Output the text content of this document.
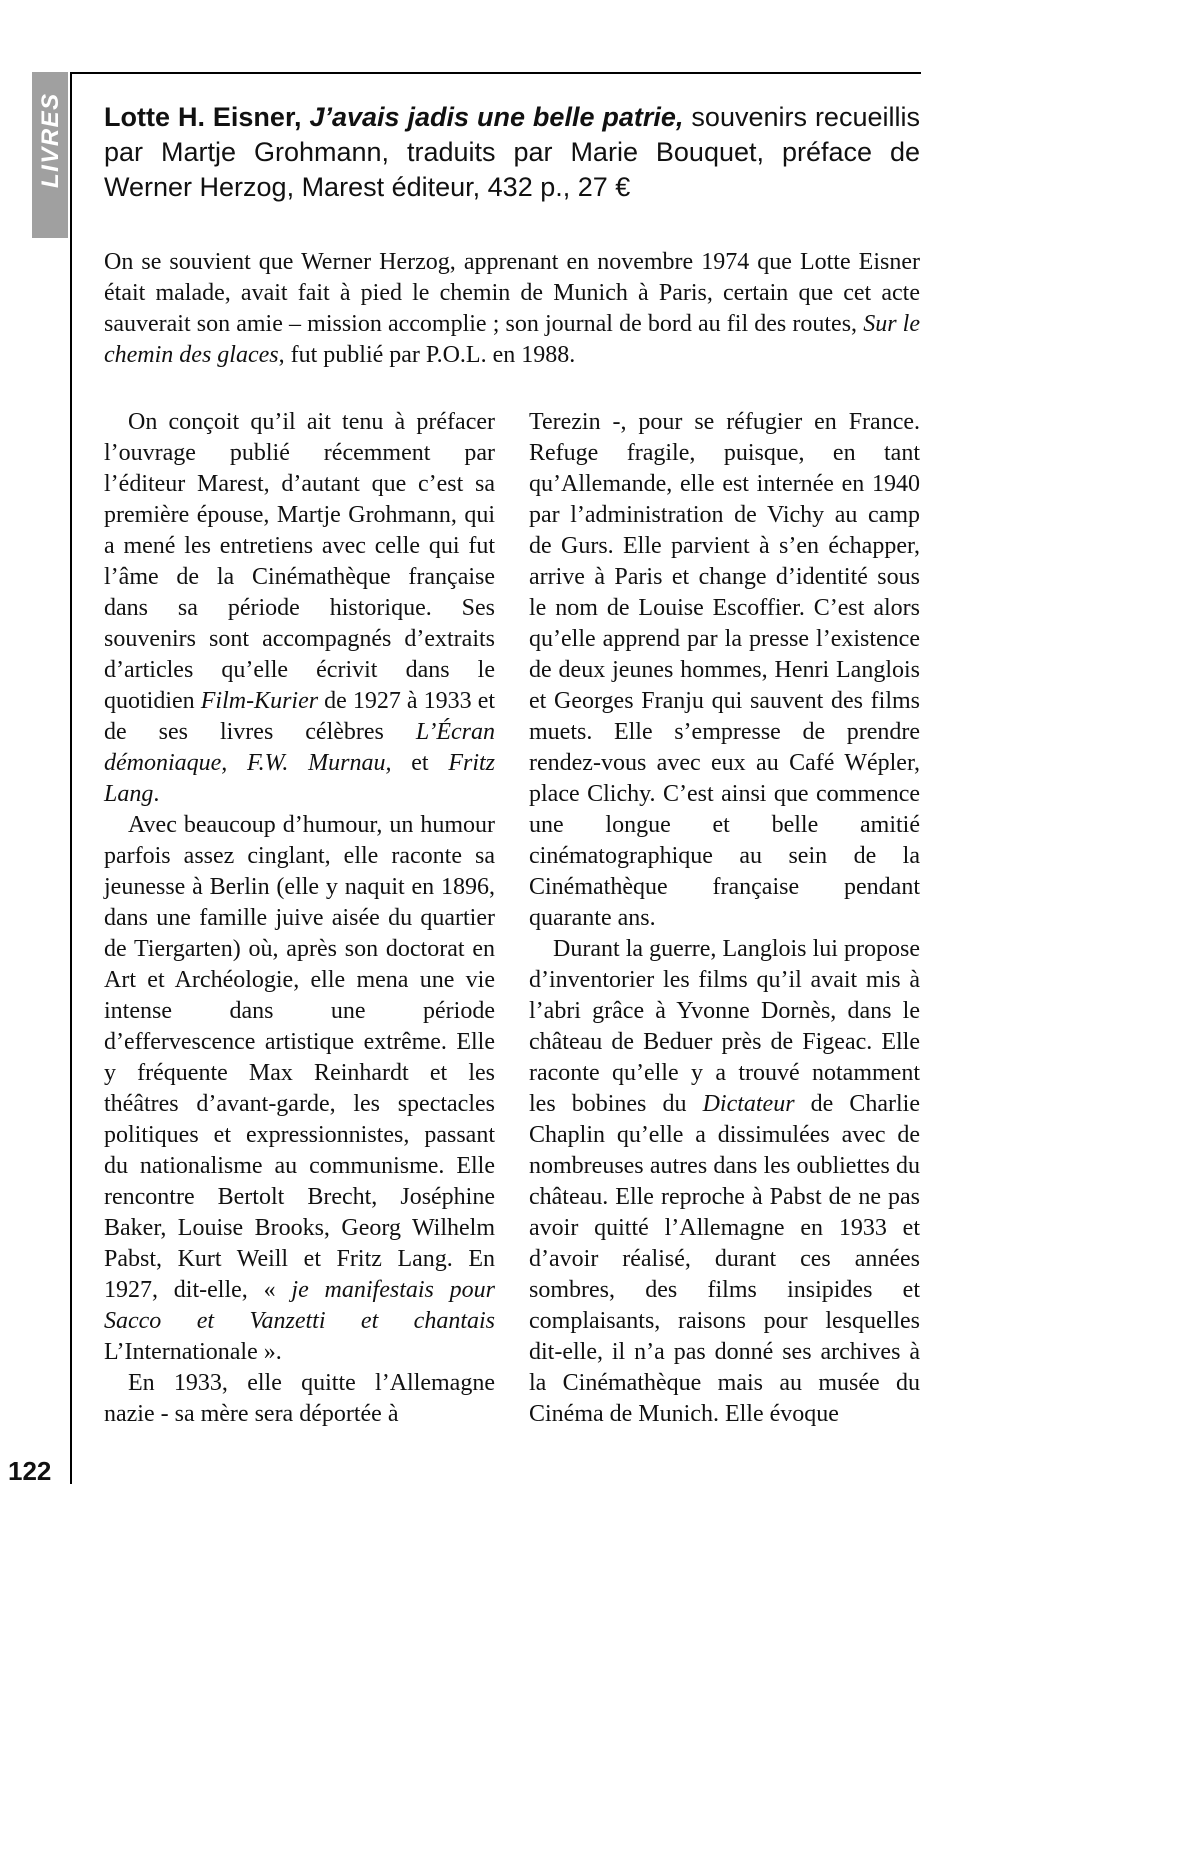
LIVRES
122
Lotte H. Eisner, J’avais jadis une belle patrie, souvenirs recueillis par Martje Grohmann, traduits par Marie Bouquet, préface de Werner Herzog, Marest éditeur, 432 p., 27 €
On se souvient que Werner Herzog, apprenant en novembre 1974 que Lotte Eisner était malade, avait fait à pied le chemin de Munich à Paris, certain que cet acte sauverait son amie – mission accomplie ; son journal de bord au fil des routes, Sur le chemin des glaces, fut publié par P.O.L. en 1988.

On conçoit qu’il ait tenu à préfacer l’ouvrage publié récemment par l’éditeur Marest, d’autant que c’est sa première épouse, Martje Grohmann, qui a mené les entretiens avec celle qui fut l’âme de la Cinémathèque française dans sa période historique. Ses souvenirs sont accompagnés d’extraits d’articles qu’elle écrivit dans le quotidien Film-Kurier de 1927 à 1933 et de ses livres célèbres L’Écran démoniaque, F.W. Murnau, et Fritz Lang.

Avec beaucoup d’humour, un humour parfois assez cinglant, elle raconte sa jeunesse à Berlin (elle y naquit en 1896, dans une famille juive aisée du quartier de Tiergarten) où, après son doctorat en Art et Archéologie, elle mena une vie intense dans une période d’effervescence artistique extrême. Elle y fréquente Max Reinhardt et les théâtres d’avant-garde, les spectacles politiques et expressionnistes, passant du nationalisme au communisme. Elle rencontre Bertolt Brecht, Joséphine Baker, Louise Brooks, Georg Wilhelm Pabst, Kurt Weill et Fritz Lang. En 1927, dit-elle, « je manifestais pour Sacco et Vanzetti et chantais L’Internationale ».

En 1933, elle quitte l’Allemagne nazie - sa mère sera déportée à

Terezin -, pour se réfugier en France. Refuge fragile, puisque, en tant qu’Allemande, elle est internée en 1940 par l’administration de Vichy au camp de Gurs. Elle parvient à s’en échapper, arrive à Paris et change d’identité sous le nom de Louise Escoffier. C’est alors qu’elle apprend par la presse l’existence de deux jeunes hommes, Henri Langlois et Georges Franju qui sauvent des films muets. Elle s’empresse de prendre rendez-vous avec eux au Café Wépler, place Clichy. C’est ainsi que commence une longue et belle amitié cinématographique au sein de la Cinémathèque française pendant quarante ans.

Durant la guerre, Langlois lui propose d’inventorier les films qu’il avait mis à l’abri grâce à Yvonne Dornès, dans le château de Beduer près de Figeac. Elle raconte qu’elle y a trouvé notamment les bobines du Dictateur de Charlie Chaplin qu’elle a dissimulées avec de nombreuses autres dans les oubliettes du château. Elle reproche à Pabst de ne pas avoir quitté l’Allemagne en 1933 et d’avoir réalisé, durant ces années sombres, des films insipides et complaisants, raisons pour lesquelles dit-elle, il n’a pas donné ses archives à la Cinémathèque mais au musée du Cinéma de Munich. Elle évoque
